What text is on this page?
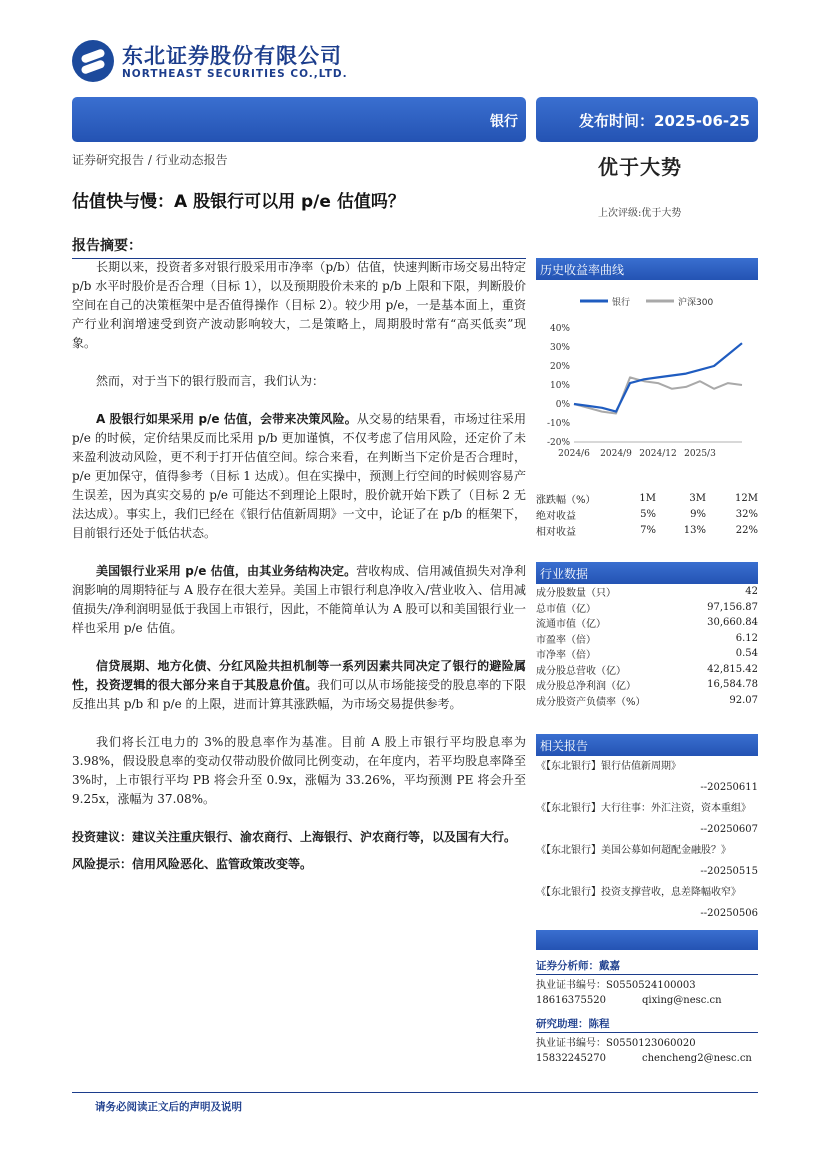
东北证券股份有限公司
NORTHEAST SECURITIES CO.,LTD.
银行	发布时间：2025-06-25
证券研究报告 / 行业动态报告	优于大势
估值快与慢：A 股银行可以用 p/e 估值吗？
上次评级:优于大势
报告摘要：

长期以来，投资者多对银行股采用市净率（p/b）估值，快速判断市场交易出特定 p/b 水平时股价是否合理（目标 1），以及预期股价未来的 p/b 上限和下限，判断股价空间在自己的决策框架中是否值得操作（目标 2）。较少用 p/e，一是基本面上，重资产行业利润增速受到资产波动影响较大，二是策略上，周期股时常有“高买低卖”现象。

然而，对于当下的银行股而言，我们认为：

A 股银行如果采用 p/e 估值，会带来决策风险。从交易的结果看，市场过往采用 p/e 的时候，定价结果反而比采用 p/b 更加谨慎，不仅考虑了信用风险，还定价了未来盈利波动风险，更不利于打开估值空间。综合来看，在判断当下定价是否合理时，p/e 更加保守，值得参考（目标 1 达成）。但在实操中，预测上行空间的时候则容易产生误差，因为真实交易的 p/e 可能达不到理论上限时，股价就开始下跌了（目标 2 无法达成）。事实上，我们已经在《银行估值新周期》一文中，论证了在 p/b 的框架下，目前银行还处于低估状态。

美国银行业采用 p/e 估值，由其业务结构决定。营收构成、信用减值损失对净利润影响的周期特征与 A 股存在很大差异。美国上市银行利息净收入/营业收入、信用减值损失/净利润明显低于我国上市银行，因此，不能简单认为 A 股可以和美国银行业一样也采用 p/e 估值。

信贷展期、地方化债、分红风险共担机制等一系列因素共同决定了银行的避险属性，投资逻辑的很大部分来自于其股息价值。我们可以从市场能接受的股息率的下限反推出其 p/b 和 p/e 的上限，进而计算其涨跌幅，为市场交易提供参考。

我们将长江电力的 3%的股息率作为基准。目前 A 股上市银行平均股息率为 3.98%，假设股息率的变动仅带动股价做同比例变动，在年度内，若平均股息率降至 3%时，上市银行平均 PB 将会升至 0.9x，涨幅为 33.26%，平均预测 PE 将会升至 9.25x，涨幅为 37.08%。

投资建议：建议关注重庆银行、渝农商行、上海银行、沪农商行等，以及国有大行。

风险提示：信用风险恶化、监管政策改变等。

历史收益率曲线
银行	沪深300
40%
30%
20%
10%
0%
-10%
-20%
2024/6 2024/9 2024/12 2025/3
涨跌幅（%）	1M	3M	12M
绝对收益	5%	9%	32%
相对收益	7%	13%	22%
行业数据
成分股数量（只）	42
总市值（亿）	97,156.87
流通市值（亿）	30,660.84
市盈率（倍）	6.12
市净率（倍）	0.54
成分股总营收（亿）	42,815.42
成分股总净利润（亿）	16,584.78
成分股资产负债率（%）	92.07
相关报告
《【东北银行】银行估值新周期》
--20250611
《【东北银行】大行往事：外汇注资，资本重组》
--20250607
《【东北银行】美国公募如何超配金融股？》
--20250515
《【东北银行】投资支撑营收，息差降幅收窄》
--20250506
证券分析师：戴嘉
执业证书编号：S0550524100003
18616375520	qixing@nesc.cn
研究助理：陈程
执业证书编号：S0550123060020
15832245270	chencheng2@nesc.cn
请务必阅读正文后的声明及说明
